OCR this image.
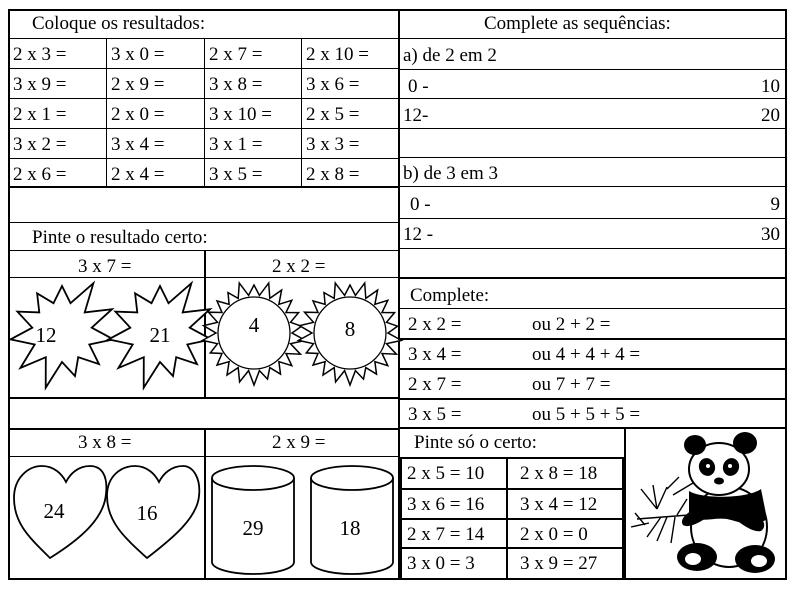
Coloque os resultados:
2 x 3 = 3 x 0 = 2 x 7 = 2 x 10 =
3 x 9 = 2 x 9 = 3 x 8 = 3 x 6 =
2 x 1 = 2 x 0 = 3 x 10 = 2 x 5 =
3 x 2 = 3 x 4 = 3 x 1 = 3 x 3 =
2 x 6 = 2 x 4 = 3 x 5 = 2 x 8 =
Pinte o resultado certo:
3 x 7 =	2 x 2 =
3 x 8 =	2 x 9 =
12	21	4	8
24	16
29	18
Complete as sequências:
a) de 2 em 2
0 -	10
12-	20
b) de 3 em 3
0 -	9
12 -	30
Complete:
2 x 2 =	ou 2 + 2 =
3 x 4 =	ou 4 + 4 + 4 =
2 x 7 =	ou 7 + 7 =
3 x 5 =	ou 5 + 5 + 5 =
Pinte só o certo:
2 x 5 = 10 2 x 8 = 18
3 x 6 = 16 3 x 4 = 12
2 x 7 = 14 2 x 0 = 0
3 x 0 = 3 3 x 9 = 27
